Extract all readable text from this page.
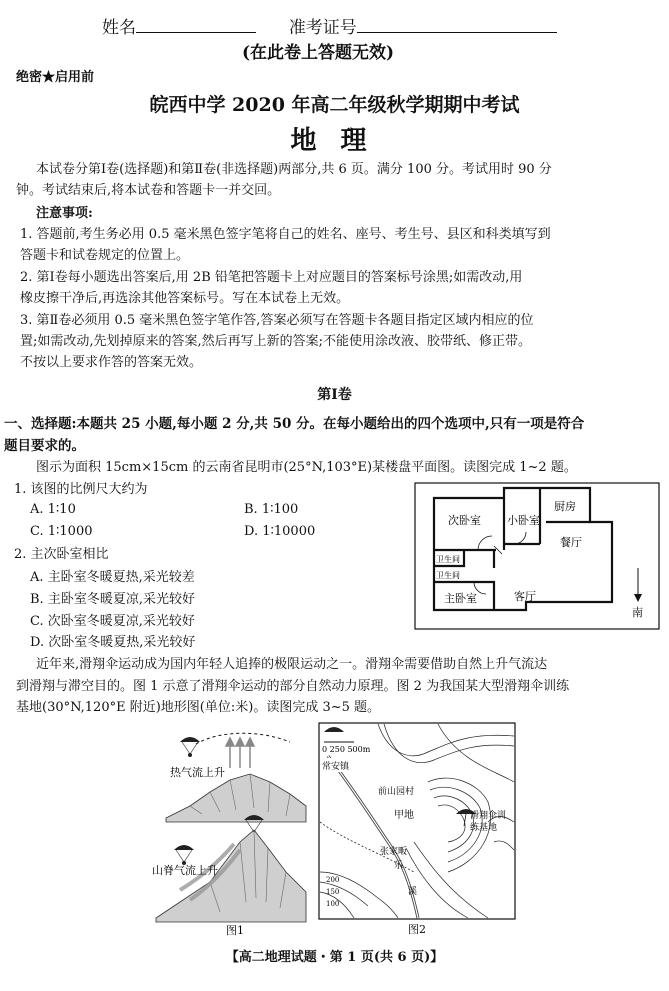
姓名	准考证号
(在此卷上答题无效)
绝密★启用前
皖西中学 2020 年高二年级秋学期期中考试
地理
本试卷分第Ⅰ卷(选择题)和第Ⅱ卷(非选择题)两部分,共 6 页。满分 100 分。考试用时 90 分
钟。考试结束后,将本试卷和答题卡一并交回。
注意事项:
1. 答题前,考生务必用 0.5 毫米黑色签字笔将自己的姓名、座号、考生号、县区和科类填写到
答题卡和试卷规定的位置上。
2. 第Ⅰ卷每小题选出答案后,用 2B 铅笔把答题卡上对应题目的答案标号涂黑;如需改动,用
橡皮擦干净后,再选涂其他答案标号。写在本试卷上无效。
3. 第Ⅱ卷必须用 0.5 毫米黑色签字笔作答,答案必须写在答题卡各题目指定区域内相应的位
置;如需改动,先划掉原来的答案,然后再写上新的答案;不能使用涂改液、胶带纸、修正带。
不按以上要求作答的答案无效。
第Ⅰ卷
一、选择题:本题共 25 小题,每小题 2 分,共 50 分。在每小题给出的四个选项中,只有一项是符合
题目要求的。
图示为面积 15cm×15cm 的云南省昆明市(25°N,103°E)某楼盘平面图。读图完成 1~2 题。
1. 该图的比例尺大约为
A. 1∶10	B. 1∶100
C. 1∶1000	D. 1∶10000
2. 主次卧室相比
A. 主卧室冬暖夏热,采光较差
B. 主卧室冬暖夏凉,采光较好
C. 次卧室冬暖夏凉,采光较好
D. 次卧室冬暖夏热,采光较好
次卧室 小卧室
厨房
餐厅
卫生间
卫生间
主卧室	客厅
南
近年来,滑翔伞运动成为国内年轻人追捧的极限运动之一。滑翔伞需要借助自然上升气流达
到滑翔与滞空目的。图 1 示意了滑翔伞运动的部分自然动力原理。图 2 为我国某大型滑翔伞训练
基地(30°N,120°E 附近)地形图(单位:米)。读图完成 3~5 题。
热气流上升
山脊气流上升
图1
0 250 500m
常安镇
前山园村
甲地	滑翔伞训
练基地
张家畈
乐
溪
200
150
100
图2
【高二地理试题・第 1 页(共 6 页)】
